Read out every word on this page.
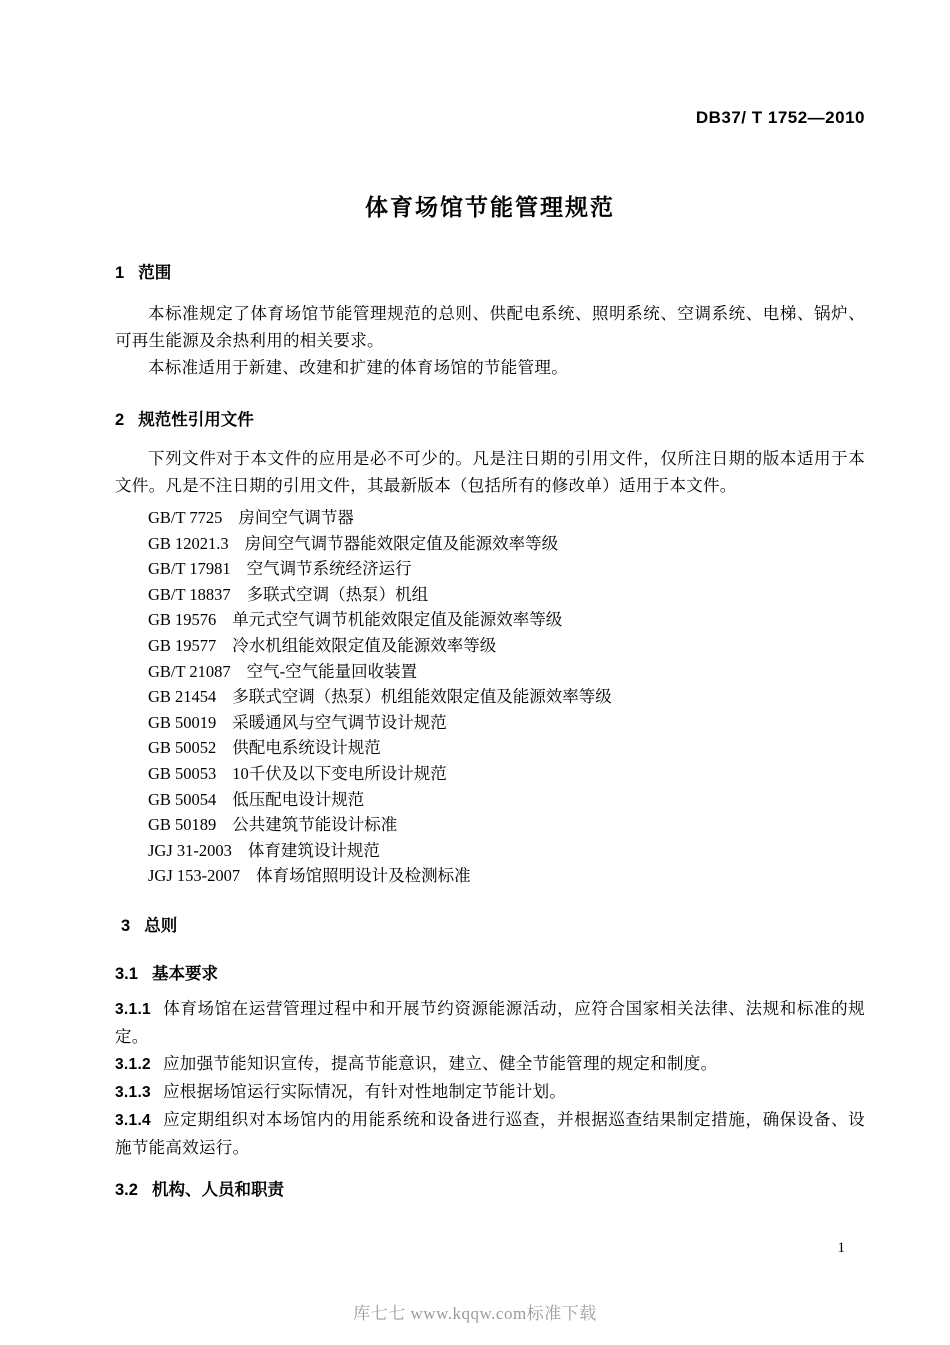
DB37/ T 1752—2010
体育场馆节能管理规范
1 范围

本标准规定了体育场馆节能管理规范的总则、供配电系统、照明系统、空调系统、电梯、锅炉、可再生能源及余热利用的相关要求。

本标准适用于新建、改建和扩建的体育场馆的节能管理。

2 规范性引用文件

下列文件对于本文件的应用是必不可少的。凡是注日期的引用文件，仅所注日期的版本适用于本文件。凡是不注日期的引用文件，其最新版本（包括所有的修改单）适用于本文件。

GB/T 7725 房间空气调节器
GB 12021.3 房间空气调节器能效限定值及能源效率等级
GB/T 17981 空气调节系统经济运行
GB/T 18837 多联式空调（热泵）机组
GB 19576 单元式空气调节机能效限定值及能源效率等级
GB 19577 冷水机组能效限定值及能源效率等级
GB/T 21087 空气-空气能量回收装置
GB 21454 多联式空调（热泵）机组能效限定值及能源效率等级
GB 50019 采暖通风与空气调节设计规范
GB 50052 供配电系统设计规范
GB 50053 10千伏及以下变电所设计规范
GB 50054 低压配电设计规范
GB 50189 公共建筑节能设计标准
JGJ 31-2003 体育建筑设计规范
JGJ 153-2007 体育场馆照明设计及检测标准
3 总则
3.1 基本要求

3.1.1 体育场馆在运营管理过程中和开展节约资源能源活动，应符合国家相关法律、法规和标准的规定。

3.1.2 应加强节能知识宣传，提高节能意识，建立、健全节能管理的规定和制度。

3.1.3 应根据场馆运行实际情况，有针对性地制定节能计划。

3.1.4 应定期组织对本场馆内的用能系统和设备进行巡查，并根据巡查结果制定措施，确保设备、设施节能高效运行。

3.2 机构、人员和职责
1
库七七 www.kqqw.com标准下载
